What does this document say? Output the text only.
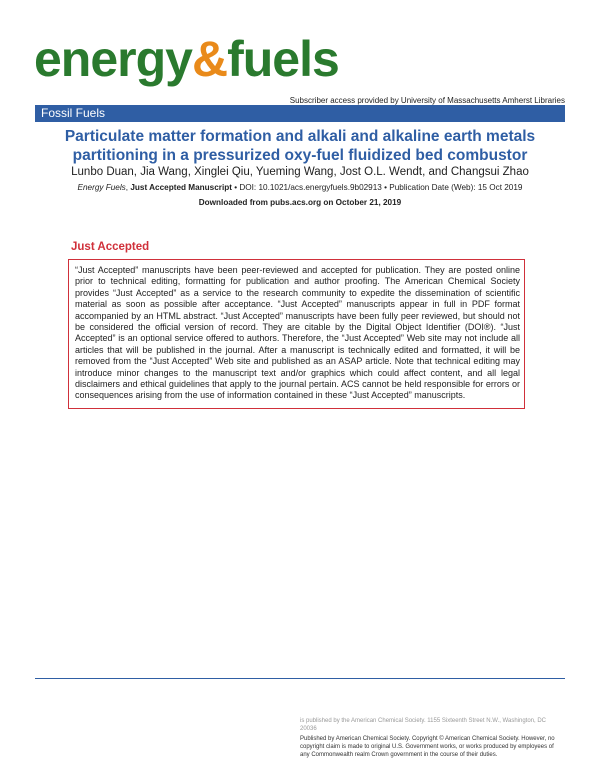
energy&fuels
Subscriber access provided by University of Massachusetts Amherst Libraries
Fossil Fuels
Particulate matter formation and alkali and alkaline earth metals
partitioning in a pressurized oxy-fuel fluidized bed combustor
Lunbo Duan, Jia Wang, Xinglei Qiu, Yueming Wang, Jost O.L. Wendt, and Changsui Zhao
Energy Fuels, Just Accepted Manuscript • DOI: 10.1021/acs.energyfuels.9b02913 • Publication Date (Web): 15 Oct 2019
Downloaded from pubs.acs.org on October 21, 2019
Just Accepted

“Just Accepted” manuscripts have been peer-reviewed and accepted for publication. They are posted online prior to technical editing, formatting for publication and author proofing. The American Chemical Society provides “Just Accepted” as a service to the research community to expedite the dissemination of scientific material as soon as possible after acceptance. “Just Accepted” manuscripts appear in full in PDF format accompanied by an HTML abstract. “Just Accepted” manuscripts have been fully peer reviewed, but should not be considered the official version of record. They are citable by the Digital Object Identifier (DOI®). “Just Accepted” is an optional service offered to authors. Therefore, the “Just Accepted” Web site may not include all articles that will be published in the journal. After a manuscript is technically edited and formatted, it will be removed from the “Just Accepted” Web site and published as an ASAP article. Note that technical editing may introduce minor changes to the manuscript text and/or graphics which could affect content, and all legal disclaimers and ethical guidelines that apply to the journal pertain. ACS cannot be held responsible for errors or consequences arising from the use of information contained in these “Just Accepted” manuscripts.

is published by the American Chemical Society. 1155 Sixteenth Street N.W., Washington, DC 20036
Published by American Chemical Society. Copyright © American Chemical Society. However, no copyright claim is made to original U.S. Government works, or works produced by employees of any Commonwealth realm Crown government in the course of their duties.
